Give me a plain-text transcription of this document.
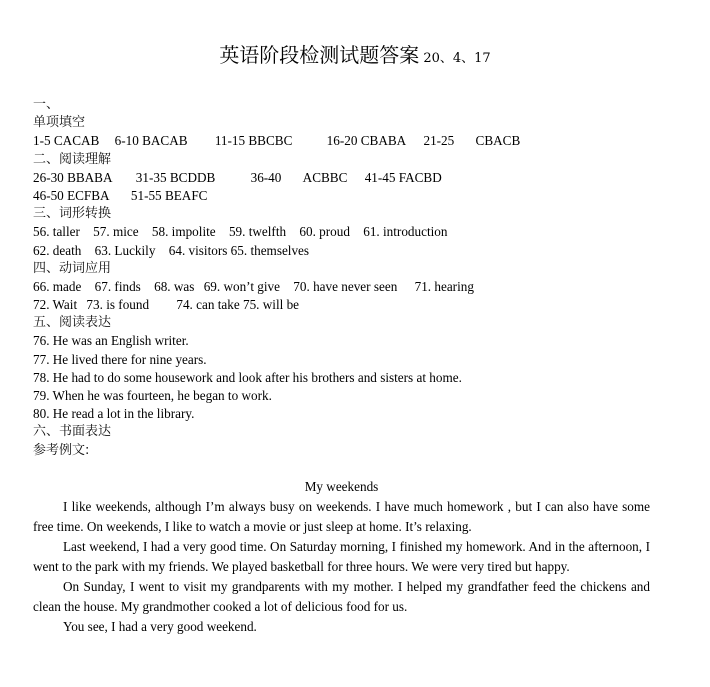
英语阶段检测试题答案 20、4、17
一、
单项填空
1-5 CACAB 6-10 BACAB 11-15 BBCBC	16-20 CBABA 21-25 CBACB
二、阅读理解
26-30 BBABA 31-35 BCDDB	36-40 ACBBC 41-45 FACBD
46-50 ECFBA 51-55 BEAFC
三、词形转换
56. taller 57. mice 58. impolite 59. twelfth 60. proud 61. introduction
62. death 63. Luckily 64. visitors 65. themselves
四、动词应用
66. made 67. finds 68. was 69. won’t give 70. have never seen 71. hearing
72. Wait 73. is found 74. can take 75. will be
五、阅读表达
76. He was an English writer.
77. He lived there for nine years.
78. He had to do some housework and look after his brothers and sisters at home.
79. When he was fourteen, he began to work.
80. He read a lot in the library.
六、书面表达
参考例文:
My weekends

I like weekends, although I’m always busy on weekends. I have much homework , but I can also have some free time. On weekends, I like to watch a movie or just sleep at home. It’s relaxing.

Last weekend, I had a very good time. On Saturday morning, I finished my homework. And in the afternoon, I went to the park with my friends. We played basketball for three hours. We were very tired but happy.

On Sunday, I went to visit my grandparents with my mother. I helped my grandfather feed the chickens and clean the house. My grandmother cooked a lot of delicious food for us.

You see, I had a very good weekend.
